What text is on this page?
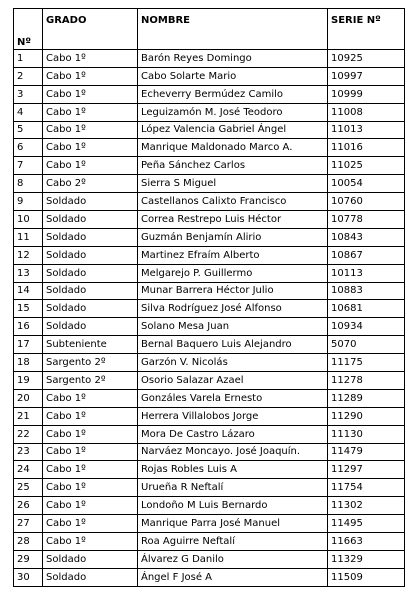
Nº	GRADO	NOMBRE	SERIE Nº
1	Cabo 1º	Barón Reyes Domingo	10925
2	Cabo 1º	Cabo Solarte Mario	10997
3	Cabo 1º	Echeverry Bermúdez Camilo	10999
4	Cabo 1º	Leguizamón M. José Teodoro	11008
5	Cabo 1º	López Valencia Gabriel Ángel	11013
6	Cabo 1º	Manrique Maldonado Marco A.	11016
7	Cabo 1º	Peña Sánchez Carlos	11025
8	Cabo 2º	Sierra S Miguel	10054
9	Soldado	Castellanos Calixto Francisco	10760
10	Soldado	Correa Restrepo Luis Héctor	10778
11	Soldado	Guzmán Benjamín Alirio	10843
12	Soldado	Martinez Efraím Alberto	10867
13	Soldado	Melgarejo P. Guillermo	10113
14	Soldado	Munar Barrera Héctor Julio	10883
15	Soldado	Silva Rodríguez José Alfonso	10681
16	Soldado	Solano Mesa Juan	10934
17	Subteniente	Bernal Baquero Luis Alejandro	5070
18	Sargento 2º	Garzón V. Nicolás	11175
19	Sargento 2º	Osorio Salazar Azael	11278
20	Cabo 1º	Gonzáles Varela Ernesto	11289
21	Cabo 1º	Herrera Villalobos Jorge	11290
22	Cabo 1º	Mora De Castro Lázaro	11130
23	Cabo 1º	Narváez Moncayo. José Joaquín.	11479
24	Cabo 1º	Rojas Robles Luis A	11297
25	Cabo 1º	Urueña R Neftalí	11754
26	Cabo 1º	Londoño M Luis Bernardo	11302
27	Cabo 1º	Manrique Parra José Manuel	11495
28	Cabo 1º	Roa Aguirre Neftalí	11663
29	Soldado	Álvarez G Danilo	11329
30	Soldado	Ángel F José A	11509
